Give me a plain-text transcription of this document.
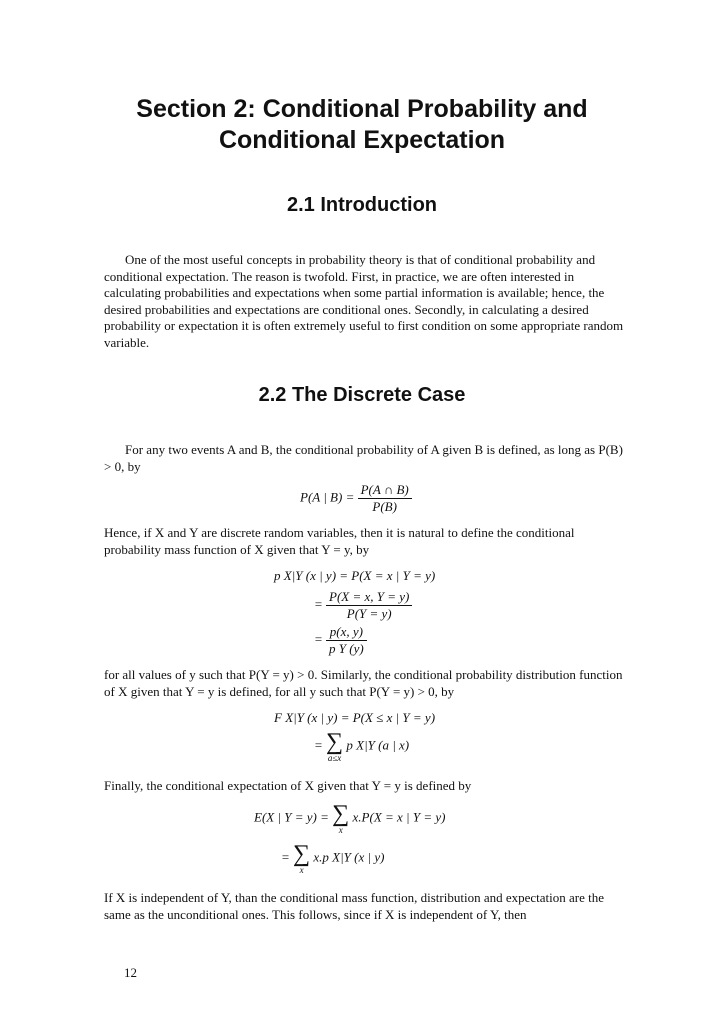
Section 2: Conditional Probability and
Conditional Expectation
2.1 Introduction
One of the most useful concepts in probability theory is that of conditional probability and conditional expectation. The reason is twofold. First, in practice, we are often interested in calculating probabilities and expectations when some partial information is available; hence, the desired probabilities and expectations are conditional ones. Secondly, in calculating a desired probability or expectation it is often extremely useful to first condition on some appropriate random variable.
2.2 The Discrete Case
For any two events A and B, the conditional probability of A given B is defined, as long as P(B) > 0, by
P(A | $B) = \frac{P(A \cap B)}{P(B)}$
Hence, if X and Y are discrete random variables, then it is natural to define the conditional probability mass function of X given that Y = y, by
p X|Y (x | y) = P(X = x | Y = y)
= $\frac{P(X = x, Y = y)}{P(Y = y)}$
= $\frac{p(x, y)}{\text{p Y (y)}}$
for all values of y such that P(Y = y) > 0. Similarly, the conditional probability distribution function of X given that Y = y is defined, for all y such that P(Y = y) > 0, by
F X|Y (x | y) = P(X ≤ x | Y = y)
= ∑
a≤x
p X|Y (a | x)
Finally, the conditional expectation of X given that Y = y is defined by
E(X | Y = y) = ∑
x
x.P(X = x | Y = y)
= ∑
x
x.p X|Y (x | y)
If X is independent of Y, than the conditional mass function, distribution and expectation are the same as the unconditional ones. This follows, since if X is independent of Y, then
12
